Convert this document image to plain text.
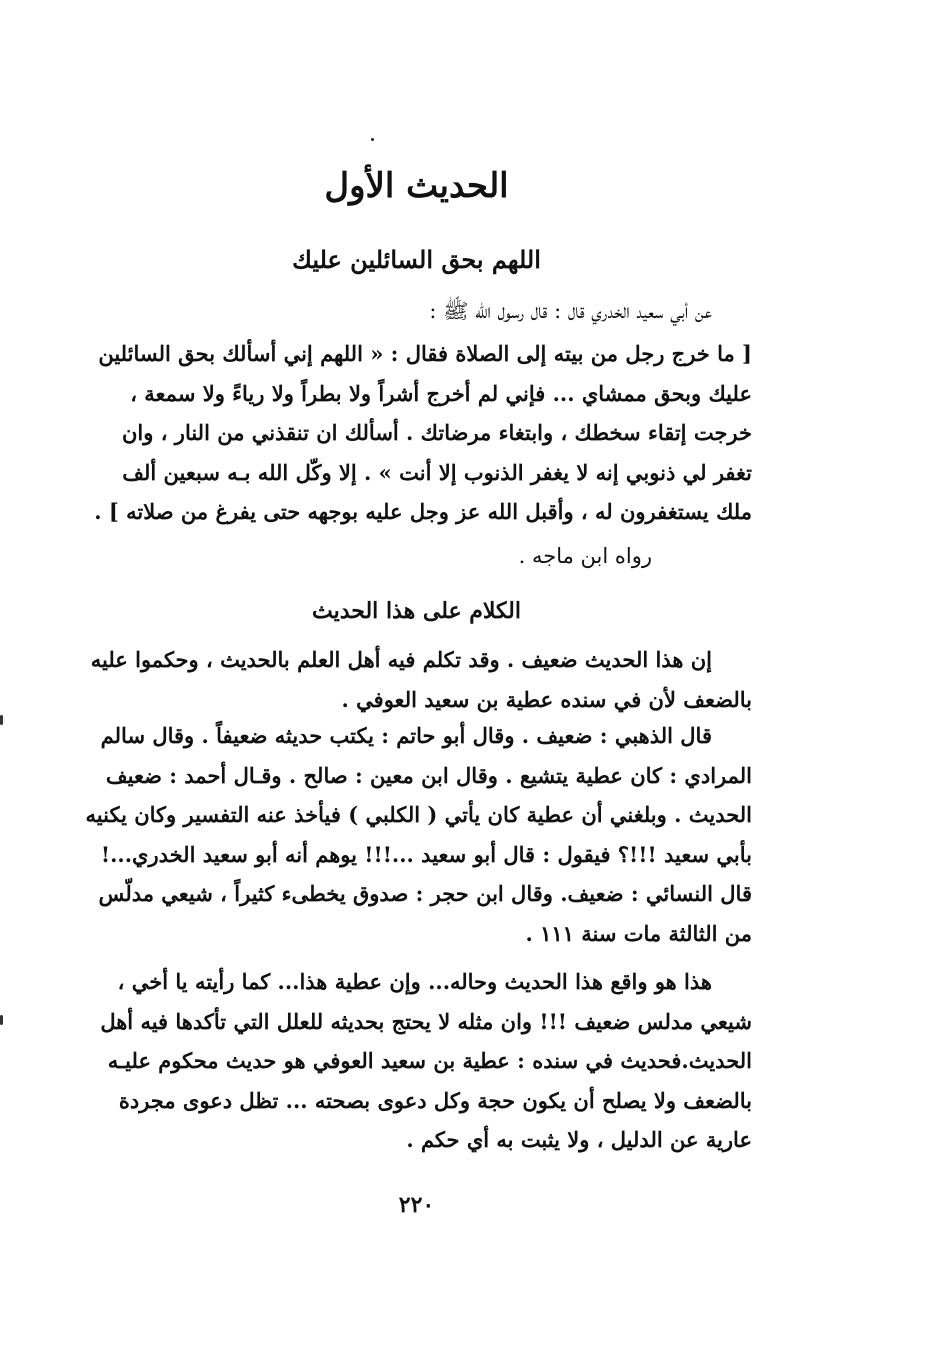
الحديث الأول
اللهم بحق السائلين عليك
عن أبي سعيد الخدري قال : قال رسول الله ﷺ :
[ ما خرج رجل من بيته إلى الصلاة فقال : « اللهم إني أسألك بحق السائلين
عليك وبحق ممشاي ... فإني لم أخرج أشراً ولا بطراً ولا رياءً ولا سمعة ،
خرجت إتقاء سخطك ، وابتغاء مرضاتك . أسألك ان تنقذني من النار ، وان
تغفر لي ذنوبي إنه لا يغفر الذنوب إلا أنت » . إلا وكّل الله بـه سبعين ألف
ملك يستغفرون له ، وأقبل الله عز وجل عليه بوجهه حتى يفرغ من صلاته ] .
رواه ابن ماجه .
الكلام على هذا الحديث
إن هذا الحديث ضعيف . وقد تكلم فيه أهل العلم بالحديث ، وحكموا عليه
بالضعف لأن في سنده عطية بن سعيد العوفي .
قال الذهبي : ضعيف . وقال أبو حاتم : يكتب حديثه ضعيفاً . وقال سالم
المرادي : كان عطية يتشيع . وقال ابن معين : صالح . وقـال أحمد : ضعيف
الحديث . وبلغني أن عطية كان يأتي ( الكلبي ) فيأخذ عنه التفسير وكان يكنيه
بأبي سعيد !!!؟ فيقول : قال أبو سعيد ...!!! يوهم أنه أبو سعيد الخدري...!
قال النسائي : ضعيف. وقال ابن حجر : صدوق يخطىء كثيراً ، شيعي مدلّس
من الثالثة مات سنة ١١١ .
هذا هو واقع هذا الحديث وحاله... وإن عطية هذا... كما رأيته يا أخي ،
شيعي مدلس ضعيف !!! وان مثله لا يحتج بحديثه للعلل التي تأكدها فيه أهل
الحديث.فحديث في سنده : عطية بن سعيد العوفي هو حديث محكوم عليـه
بالضعف ولا يصلح أن يكون حجة وكل دعوى بصحته ... تظل دعوى مجردة
عارية عن الدليل ، ولا يثبت به أي حكم .
٢٢٠
